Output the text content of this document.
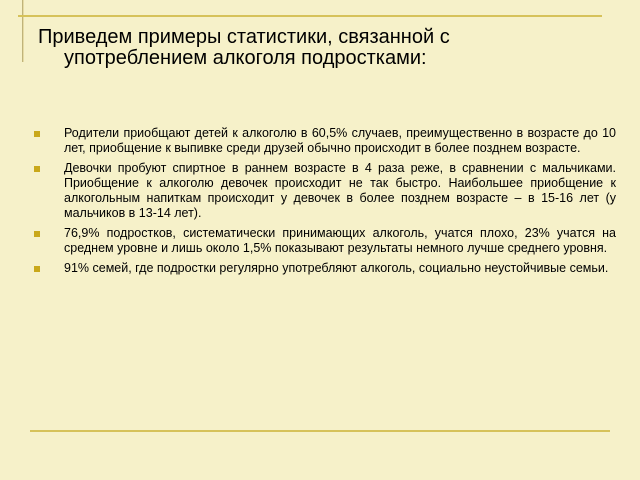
Приведем примеры статистики, связанной с
употреблением алкоголя подростками:
Родители приобщают детей к алкоголю в 60,5% случаев, преимущественно в возрасте до 10 лет, приобщение к выпивке среди друзей обычно происходит в более позднем возрасте.
Девочки пробуют спиртное в раннем возрасте в 4 раза реже, в сравнении с мальчиками. Приобщение к алкоголю девочек происходит не так быстро. Наибольшее приобщение к алкогольным напиткам происходит у девочек в более позднем возрасте – в 15-16 лет (у мальчиков в 13-14 лет).
76,9% подростков, систематически принимающих алкоголь, учатся плохо, 23% учатся на среднем уровне и лишь около 1,5% показывают результаты немного лучше среднего уровня.
91% семей, где подростки регулярно употребляют алкоголь, социально неустойчивые семьи.
